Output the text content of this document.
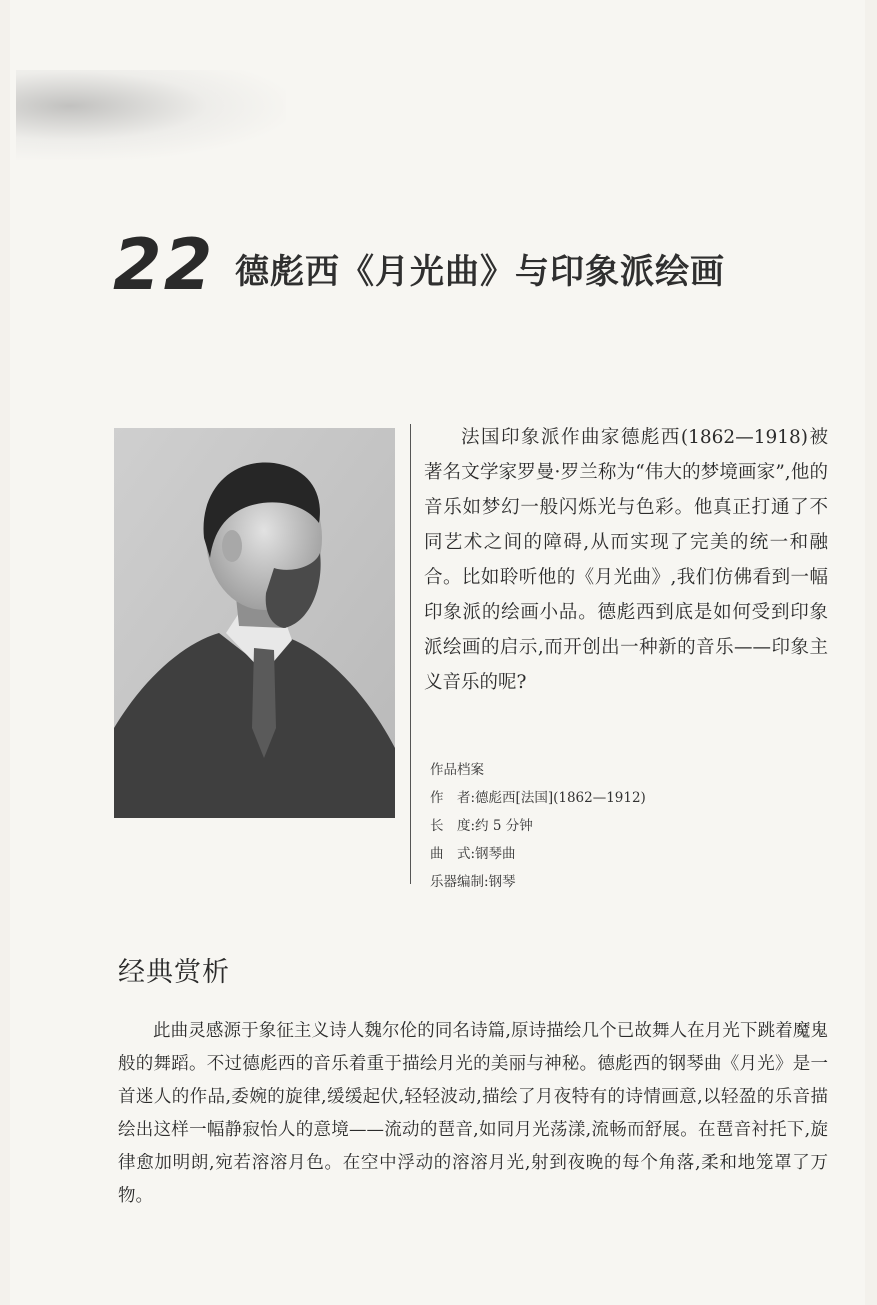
22 德彪西《月光曲》与印象派绘画

法国印象派作曲家德彪西(1862—1918)被著名文学家罗曼·罗兰称为“伟大的梦境画家”,他的音乐如梦幻一般闪烁光与色彩。他真正打通了不同艺术之间的障碍,从而实现了完美的统一和融合。比如聆听他的《月光曲》,我们仿佛看到一幅印象派的绘画小品。德彪西到底是如何受到印象派绘画的启示,而开创出一种新的音乐——印象主义音乐的呢?

作品档案
作　者:德彪西[法国](1862—1912)
长　度:约 5 分钟
曲　式:钢琴曲
乐器编制:钢琴
经典赏析

此曲灵感源于象征主义诗人魏尔伦的同名诗篇,原诗描绘几个已故舞人在月光下跳着魔鬼般的舞蹈。不过德彪西的音乐着重于描绘月光的美丽与神秘。德彪西的钢琴曲《月光》是一首迷人的作品,委婉的旋律,缓缓起伏,轻轻波动,描绘了月夜特有的诗情画意,以轻盈的乐音描绘出这样一幅静寂怡人的意境——流动的琶音,如同月光荡漾,流畅而舒展。在琶音衬托下,旋律愈加明朗,宛若溶溶月色。在空中浮动的溶溶月光,射到夜晚的每个角落,柔和地笼罩了万物。
